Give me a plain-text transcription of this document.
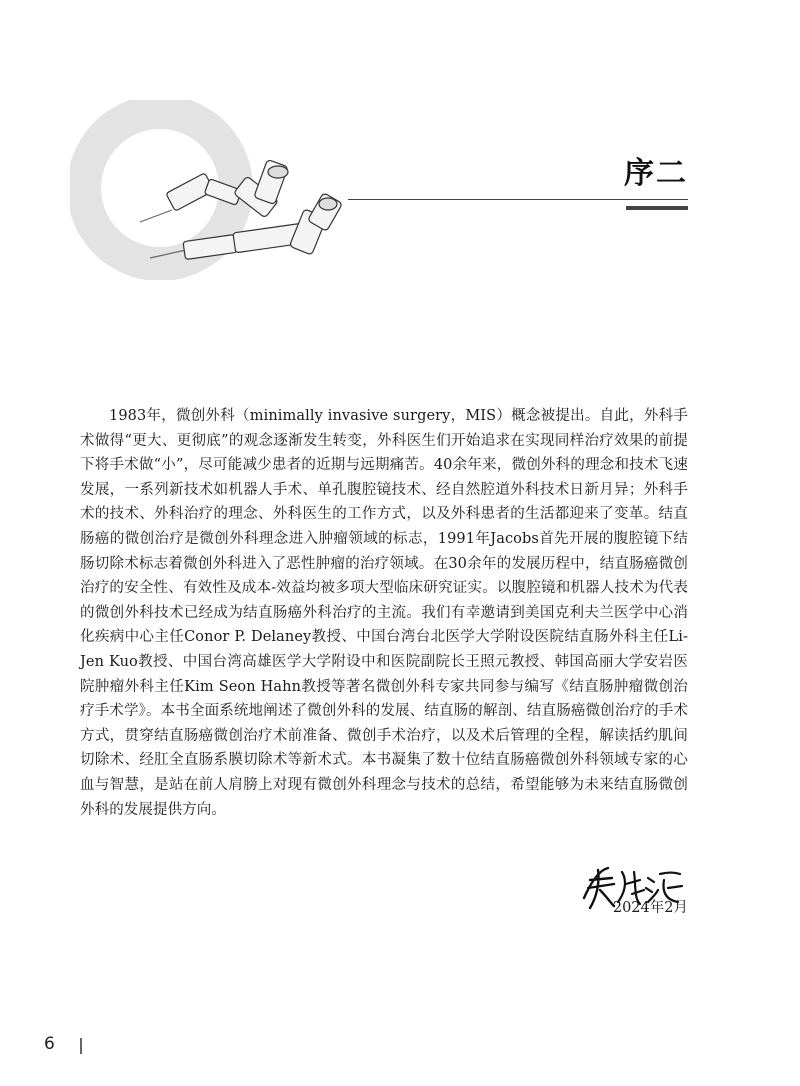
序二

1983年，微创外科（minimally invasive surgery，MIS）概念被提出。自此，外科手术做得“更大、更彻底”的观念逐渐发生转变，外科医生们开始追求在实现同样治疗效果的前提下将手术做“小”，尽可能减少患者的近期与远期痛苦。40余年来，微创外科的理念和技术飞速发展，一系列新技术如机器人手术、单孔腹腔镜技术、经自然腔道外科技术日新月异；外科手术的技术、外科治疗的理念、外科医生的工作方式，以及外科患者的生活都迎来了变革。结直肠癌的微创治疗是微创外科理念进入肿瘤领域的标志，1991年Jacobs首先开展的腹腔镜下结肠切除术标志着微创外科进入了恶性肿瘤的治疗领域。在30余年的发展历程中，结直肠癌微创治疗的安全性、有效性及成本-效益均被多项大型临床研究证实。以腹腔镜和机器人技术为代表的微创外科技术已经成为结直肠癌外科治疗的主流。我们有幸邀请到美国克利夫兰医学中心消化疾病中心主任Conor P. Delaney教授、中国台湾台北医学大学附设医院结直肠外科主任Li-Jen Kuo教授、中国台湾高雄医学大学附设中和医院副院长王照元教授、韩国高丽大学安岩医院肿瘤外科主任Kim Seon Hahn教授等著名微创外科专家共同参与编写《结直肠肿瘤微创治疗手术学》。本书全面系统地阐述了微创外科的发展、结直肠的解剖、结直肠癌微创治疗的手术方式，贯穿结直肠癌微创治疗术前准备、微创手术治疗，以及术后管理的全程，解读括约肌间切除术、经肛全直肠系膜切除术等新术式。本书凝集了数十位结直肠癌微创外科领域专家的心血与智慧，是站在前人肩膀上对现有微创外科理念与技术的总结，希望能够为未来结直肠微创外科的发展提供方向。

2024年2月
6
